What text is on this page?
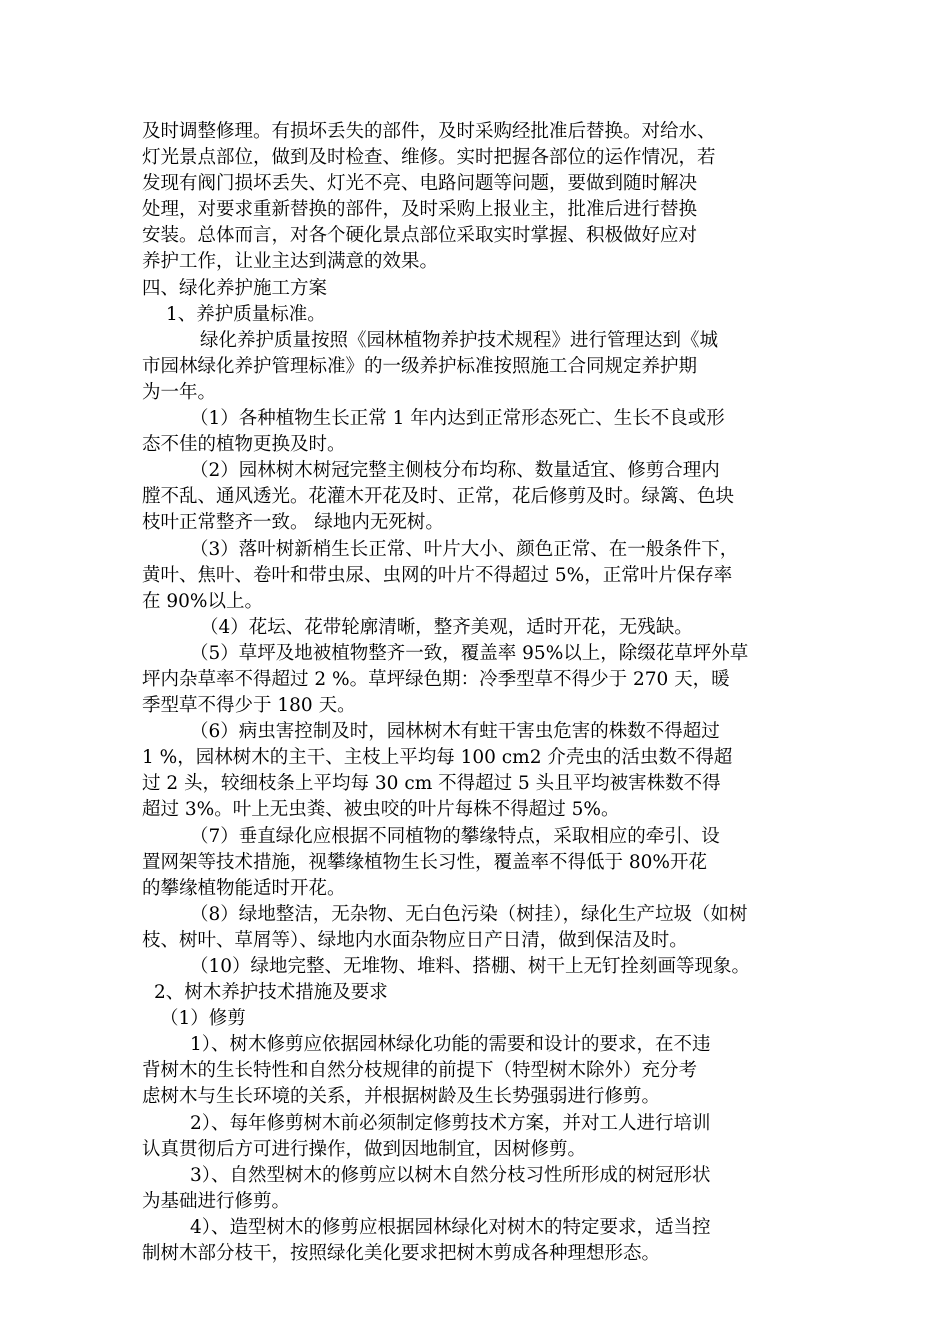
及时调整修理。有损坏丢失的部件，及时采购经批准后替换。对给水、
灯光景点部位，做到及时检查、维修。实时把握各部位的运作情况，若
发现有阀门损坏丢失、灯光不亮、电路问题等问题，要做到随时解决
处理，对要求重新替换的部件，及时采购上报业主，批准后进行替换
安装。总体而言，对各个硬化景点部位采取实时掌握、积极做好应对
养护工作，让业主达到满意的效果。
四、绿化养护施工方案
1、养护质量标准。
绿化养护质量按照《园林植物养护技术规程》进行管理达到《城
市园林绿化养护管理标准》的一级养护标准按照施工合同规定养护期
为一年。
（1）各种植物生长正常 1 年内达到正常形态死亡、生长不良或形
态不佳的植物更换及时。
（2）园林树木树冠完整主侧枝分布均称、数量适宜、修剪合理内
膛不乱、通风透光。花灌木开花及时、正常，花后修剪及时。绿篱、色块
枝叶正常整齐一致。 绿地内无死树。
（3）落叶树新梢生长正常、叶片大小、颜色正常、在一般条件下，
黄叶、焦叶、卷叶和带虫尿、虫网的叶片不得超过 5%，正常叶片保存率
在 90%以上。
（4）花坛、花带轮廓清晰，整齐美观，适时开花，无残缺。
（5）草坪及地被植物整齐一致，覆盖率 95%以上，除缀花草坪外草
坪内杂草率不得超过 2 %。草坪绿色期：冷季型草不得少于 270 天，暖
季型草不得少于 180 天。
（6）病虫害控制及时，园林树木有蛀干害虫危害的株数不得超过
1 %，园林树木的主干、主枝上平均每 100 cm2 介壳虫的活虫数不得超
过 2 头，较细枝条上平均每 30 cm 不得超过 5 头且平均被害株数不得
超过 3%。叶上无虫粪、被虫咬的叶片每株不得超过 5%。
（7）垂直绿化应根据不同植物的攀缘特点，采取相应的牵引、设
置网架等技术措施，视攀缘植物生长习性，覆盖率不得低于 80%开花
的攀缘植物能适时开花。
（8）绿地整洁，无杂物、无白色污染（树挂），绿化生产垃圾（如树
枝、树叶、草屑等）、绿地内水面杂物应日产日清，做到保洁及时。
（10）绿地完整、无堆物、堆料、搭棚、树干上无钉拴刻画等现象。
2、树木养护技术措施及要求
（1）修剪
1）、树木修剪应依据园林绿化功能的需要和设计的要求，在不违
背树木的生长特性和自然分枝规律的前提下（特型树木除外）充分考
虑树木与生长环境的关系，并根据树龄及生长势强弱进行修剪。
2）、每年修剪树木前必须制定修剪技术方案，并对工人进行培训
认真贯彻后方可进行操作，做到因地制宜，因树修剪。
3）、自然型树木的修剪应以树木自然分枝习性所形成的树冠形状
为基础进行修剪。
4）、造型树木的修剪应根据园林绿化对树木的特定要求，适当控
制树木部分枝干，按照绿化美化要求把树木剪成各种理想形态。
